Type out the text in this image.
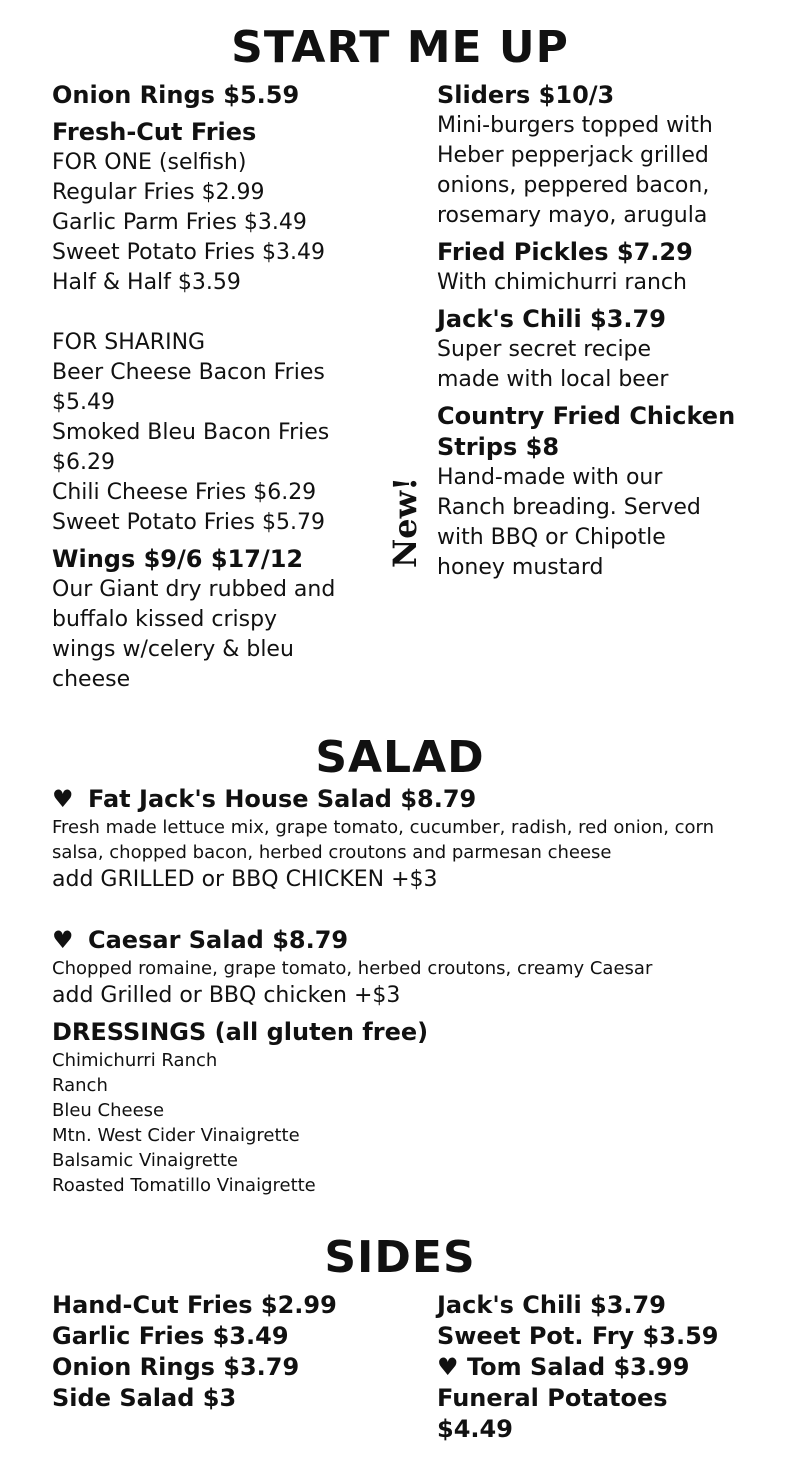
START ME UP
Onion Rings $5.59
Fresh-Cut Fries
FOR ONE (selfish)
Regular Fries $2.99
Garlic Parm Fries $3.49
Sweet Potato Fries $3.49
Half & Half $3.59
FOR SHARING
Beer Cheese Bacon Fries
$5.49
Smoked Bleu Bacon Fries
$6.29
Chili Cheese Fries $6.29
Sweet Potato Fries $5.79
Wings $9/6 $17/12
Our Giant dry rubbed and
buffalo kissed crispy
wings w/celery & bleu
cheese
New!
Sliders $10/3
Mini-burgers topped with
Heber pepperjack grilled
onions, peppered bacon,
rosemary mayo, arugula
Fried Pickles $7.29
With chimichurri ranch
Jack's Chili $3.79
Super secret recipe
made with local beer
Country Fried Chicken
Strips $8
Hand-made with our
Ranch breading. Served
with BBQ or Chipotle
honey mustard
SALAD
♥ Fat Jack's House Salad $8.79
Fresh made lettuce mix, grape tomato, cucumber, radish, red onion, corn
salsa, chopped bacon, herbed croutons and parmesan cheese
add GRILLED or BBQ CHICKEN +$3
♥ Caesar Salad $8.79
Chopped romaine, grape tomato, herbed croutons, creamy Caesar
add Grilled or BBQ chicken +$3
DRESSINGS (all gluten free)
Chimichurri Ranch
Ranch
Bleu Cheese
Mtn. West Cider Vinaigrette
Balsamic Vinaigrette
Roasted Tomatillo Vinaigrette
SIDES
Hand-Cut Fries $2.99
Garlic Fries $3.49
Onion Rings $3.79
Side Salad $3
Jack's Chili $3.79
Sweet Pot. Fry $3.59
♥ Tom Salad $3.99
Funeral Potatoes
$4.49
